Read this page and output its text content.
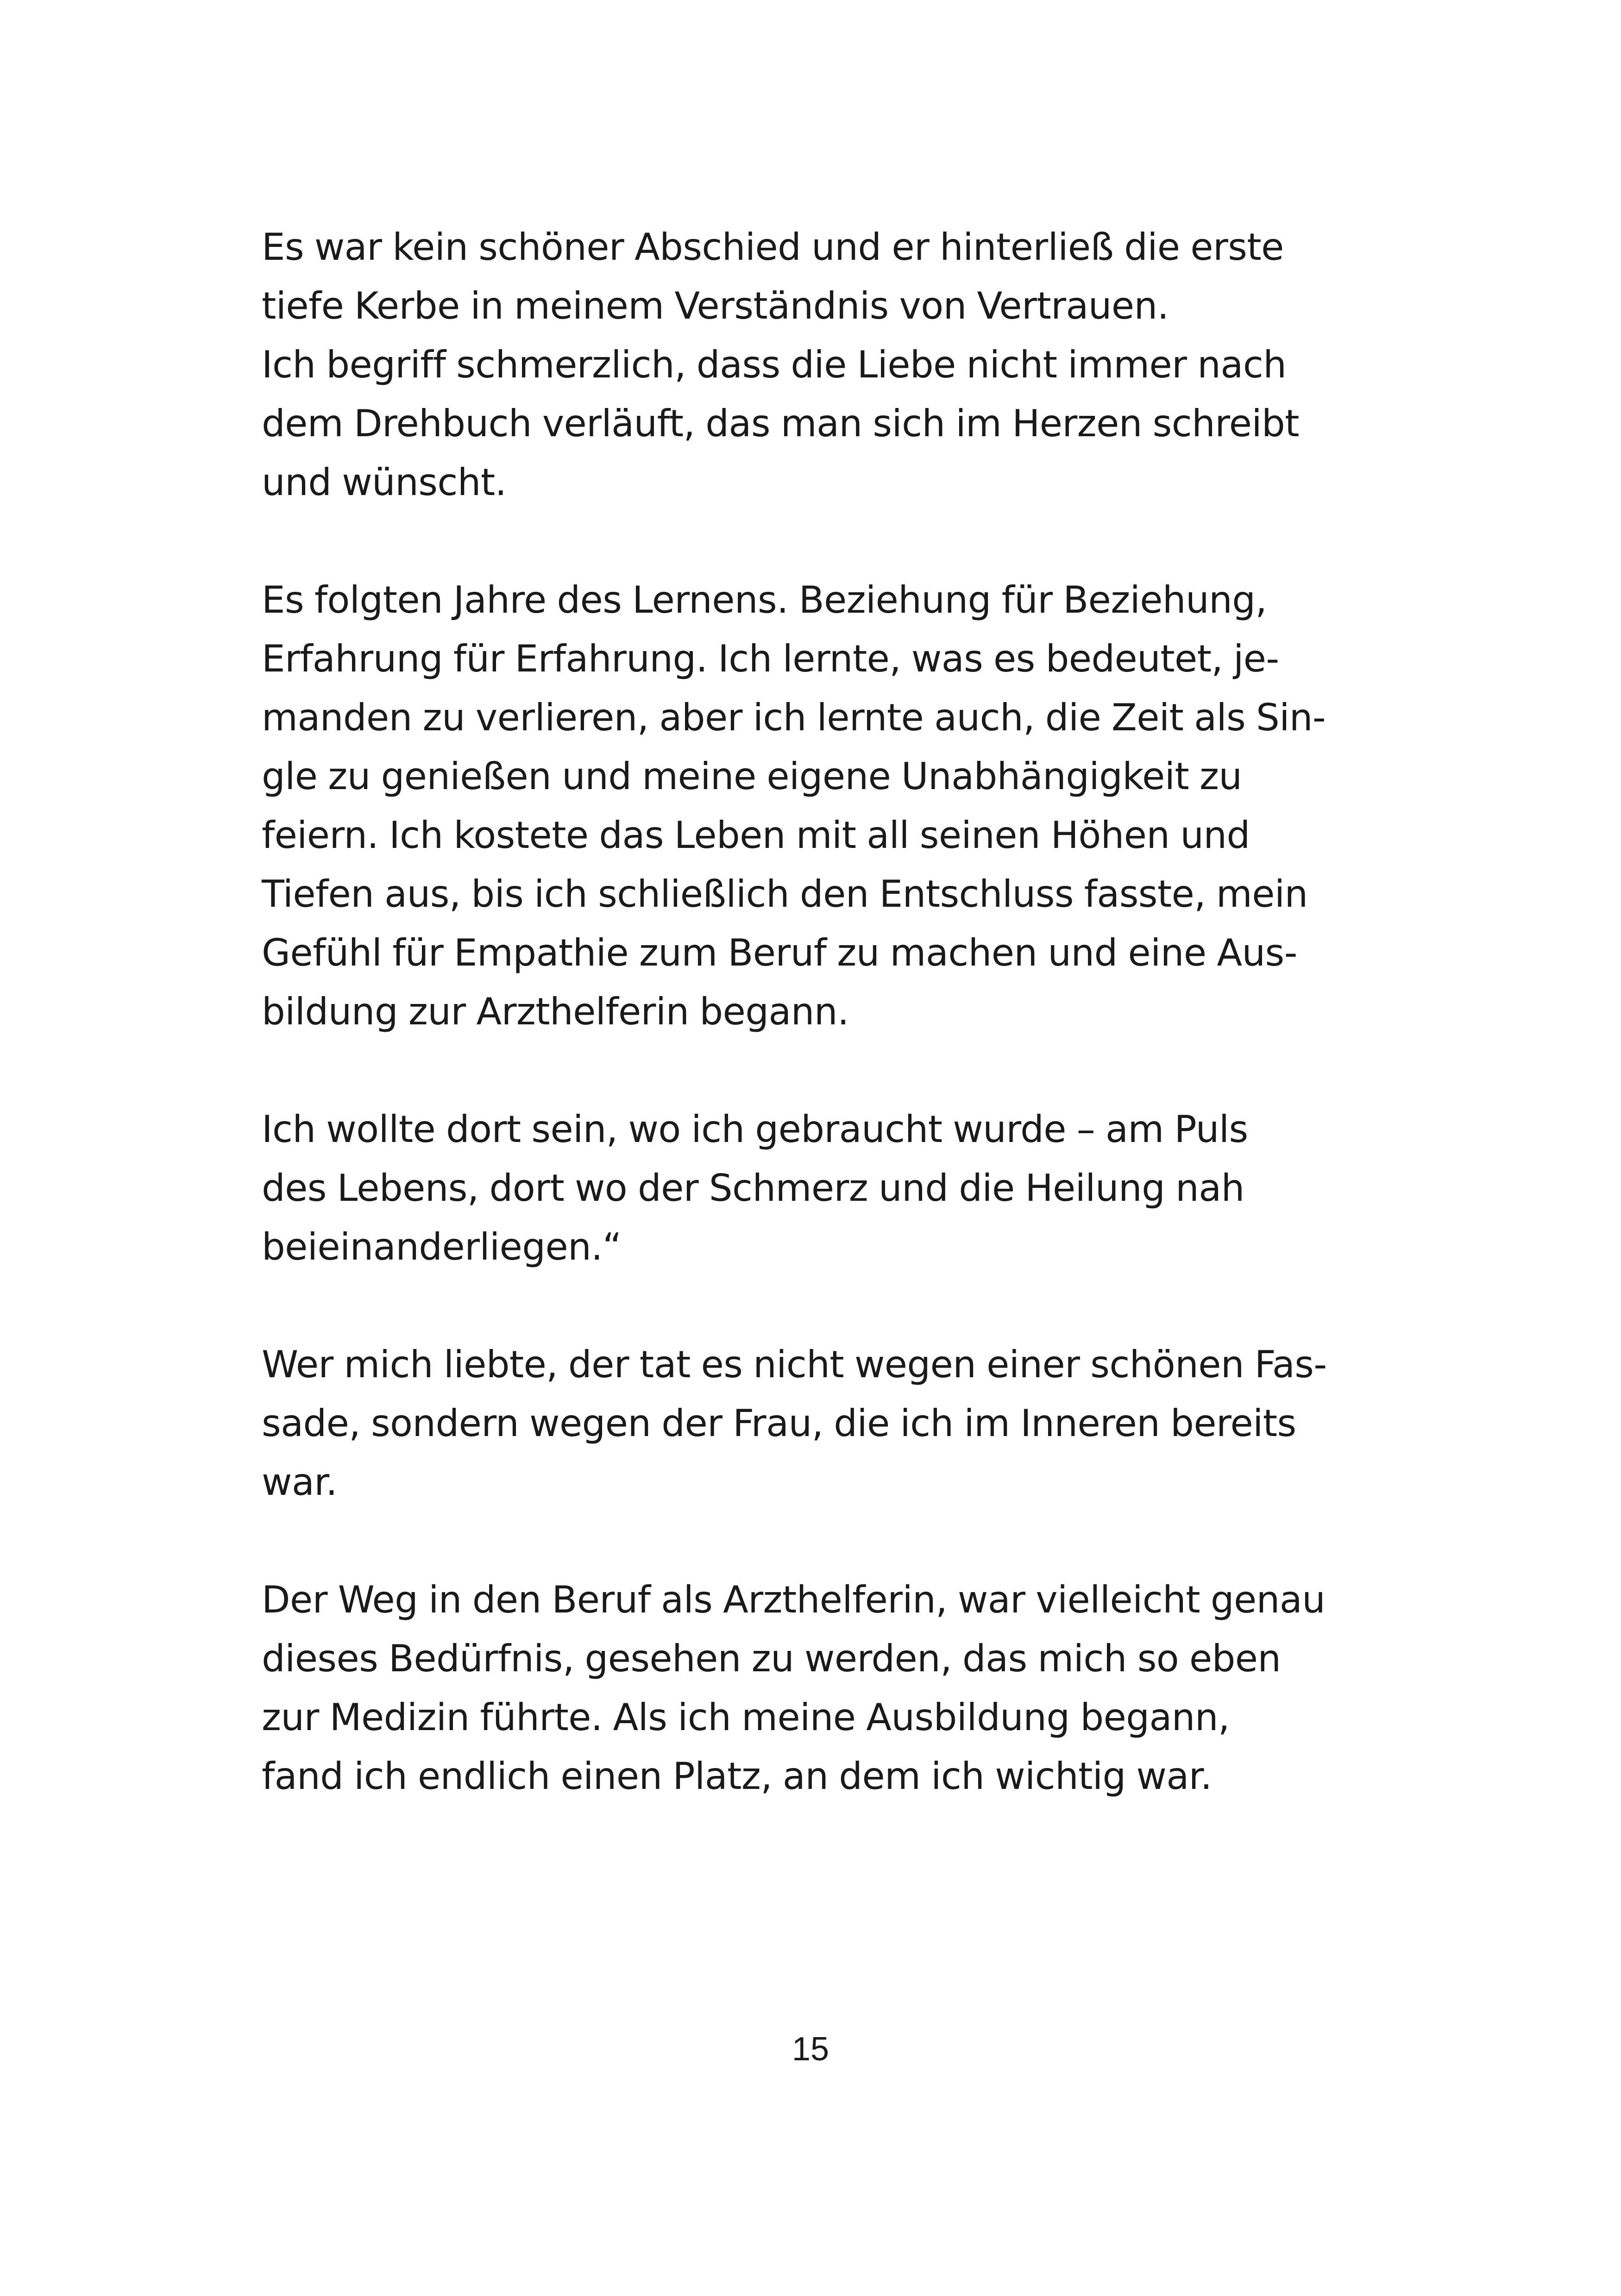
Es war kein schöner Abschied und er hinterließ die erste
tiefe Kerbe in meinem Verständnis von Vertrauen.
Ich begriff schmerzlich, dass die Liebe nicht immer nach
dem Drehbuch verläuft, das man sich im Herzen schreibt
und wünscht.

Es folgten Jahre des Lernens. Beziehung für Beziehung,
Erfahrung für Erfahrung. Ich lernte, was es bedeutet, je-
manden zu verlieren, aber ich lernte auch, die Zeit als Sin-
gle zu genießen und meine eigene Unabhängigkeit zu
feiern. Ich kostete das Leben mit all seinen Höhen und
Tiefen aus, bis ich schließlich den Entschluss fasste, mein
Gefühl für Empathie zum Beruf zu machen und eine Aus-
bildung zur Arzthelferin begann.

Ich wollte dort sein, wo ich gebraucht wurde – am Puls
des Lebens, dort wo der Schmerz und die Heilung nah
beieinanderliegen.“

Wer mich liebte, der tat es nicht wegen einer schönen Fas-
sade, sondern wegen der Frau, die ich im Inneren bereits
war.

Der Weg in den Beruf als Arzthelferin, war vielleicht genau
dieses Bedürfnis, gesehen zu werden, das mich so eben
zur Medizin führte. Als ich meine Ausbildung begann,
fand ich endlich einen Platz, an dem ich wichtig war.

15
